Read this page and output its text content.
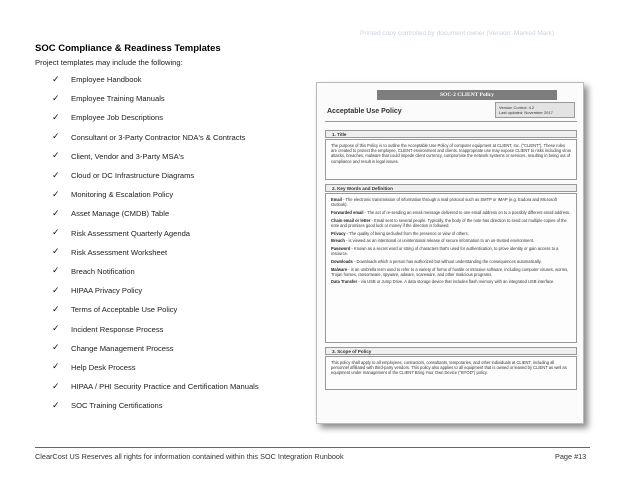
Printed copy controlled by document owner (Version: Marked Mark)
SOC Compliance & Readiness Templates
Project templates may include the following:
✓	Employee Handbook
✓	Employee Training Manuals
✓	Employee Job Descriptions
✓	Consultant or 3-Party Contractor NDA's & Contracts
✓	Client, Vendor and 3-Party MSA's
✓	Cloud or DC Infrastructure Diagrams
✓	Monitoring & Escalation Policy
✓	Asset Manage (CMDB) Table
✓	Risk Assessment Quarterly Agenda
✓	Risk Assessment Worksheet
✓	Breach Notification
✓	HIPAA Privacy Policy
✓	Terms of Acceptable Use Policy
✓	Incident Response Process
✓	Change Management Process
✓	Help Desk Process
✓	HIPAA / PHI Security Practice and Certification Manuals
✓	SOC Training Certifications
SOC-2 CLIENT Policy
Version Control: 4.2
Last updated: November 2017
Acceptable Use Policy
1. Title
The purpose of this Policy is to outline the Acceptable Use Policy of computer equipment at CLIENT, Inc. ("CLIENT"). These rules are created to protect the employee, CLIENT environment and clients. Inappropriate use may expose CLIENT to risks including virus attacks, breaches, malware that could impede client currency, compromise the network systems or services, resulting in being out of compliance and result in legal issues.
2. Key Words and Definition
Email - The electronic transmission of information through a mail protocol such as SMTP or IMAP (e.g. Eudora and Microsoft Outlook).
Forwarded email - The act of re-sending an email message delivered to one email address on to a possibly different email address.
Chain email or letter - Email sent to several people. Typically, the body of the note has direction to send out multiple copies of the note and promises good luck or money if the direction is followed.
Privacy - The quality of being secluded from the presence or view of others.
Breach - is viewed as an intentional or unintentional release of secure information to an un-trusted environment.
Password - Known as a secret word or string of characters that's used for authentication, to prove identity or gain access to a resource.
Downloads - Downloads which a person has authorized but without understanding the consequences automatically.
Malware - is an umbrella term used to refer to a variety of forms of hostile or intrusive software, including computer viruses, worms, Trojan horses, ransomware, spyware, adware, scareware, and other malicious programs.
Data Transfer - via USB or Jump Drive. A data storage device that includes flash memory with an integrated USB interface.
3. Scope of Policy
This policy shall apply to all employees, contractors, consultants, temporaries, and other individuals at CLIENT, including all personnel affiliated with third-party vendors. This policy also applies to all equipment that is owned or leased by CLIENT as well as equipment under management of the CLIENT Bring Your Own Device ("BYOD") policy.
ClearCost US Reserves all rights for information contained within this SOC Integration Runbook	Page #13
